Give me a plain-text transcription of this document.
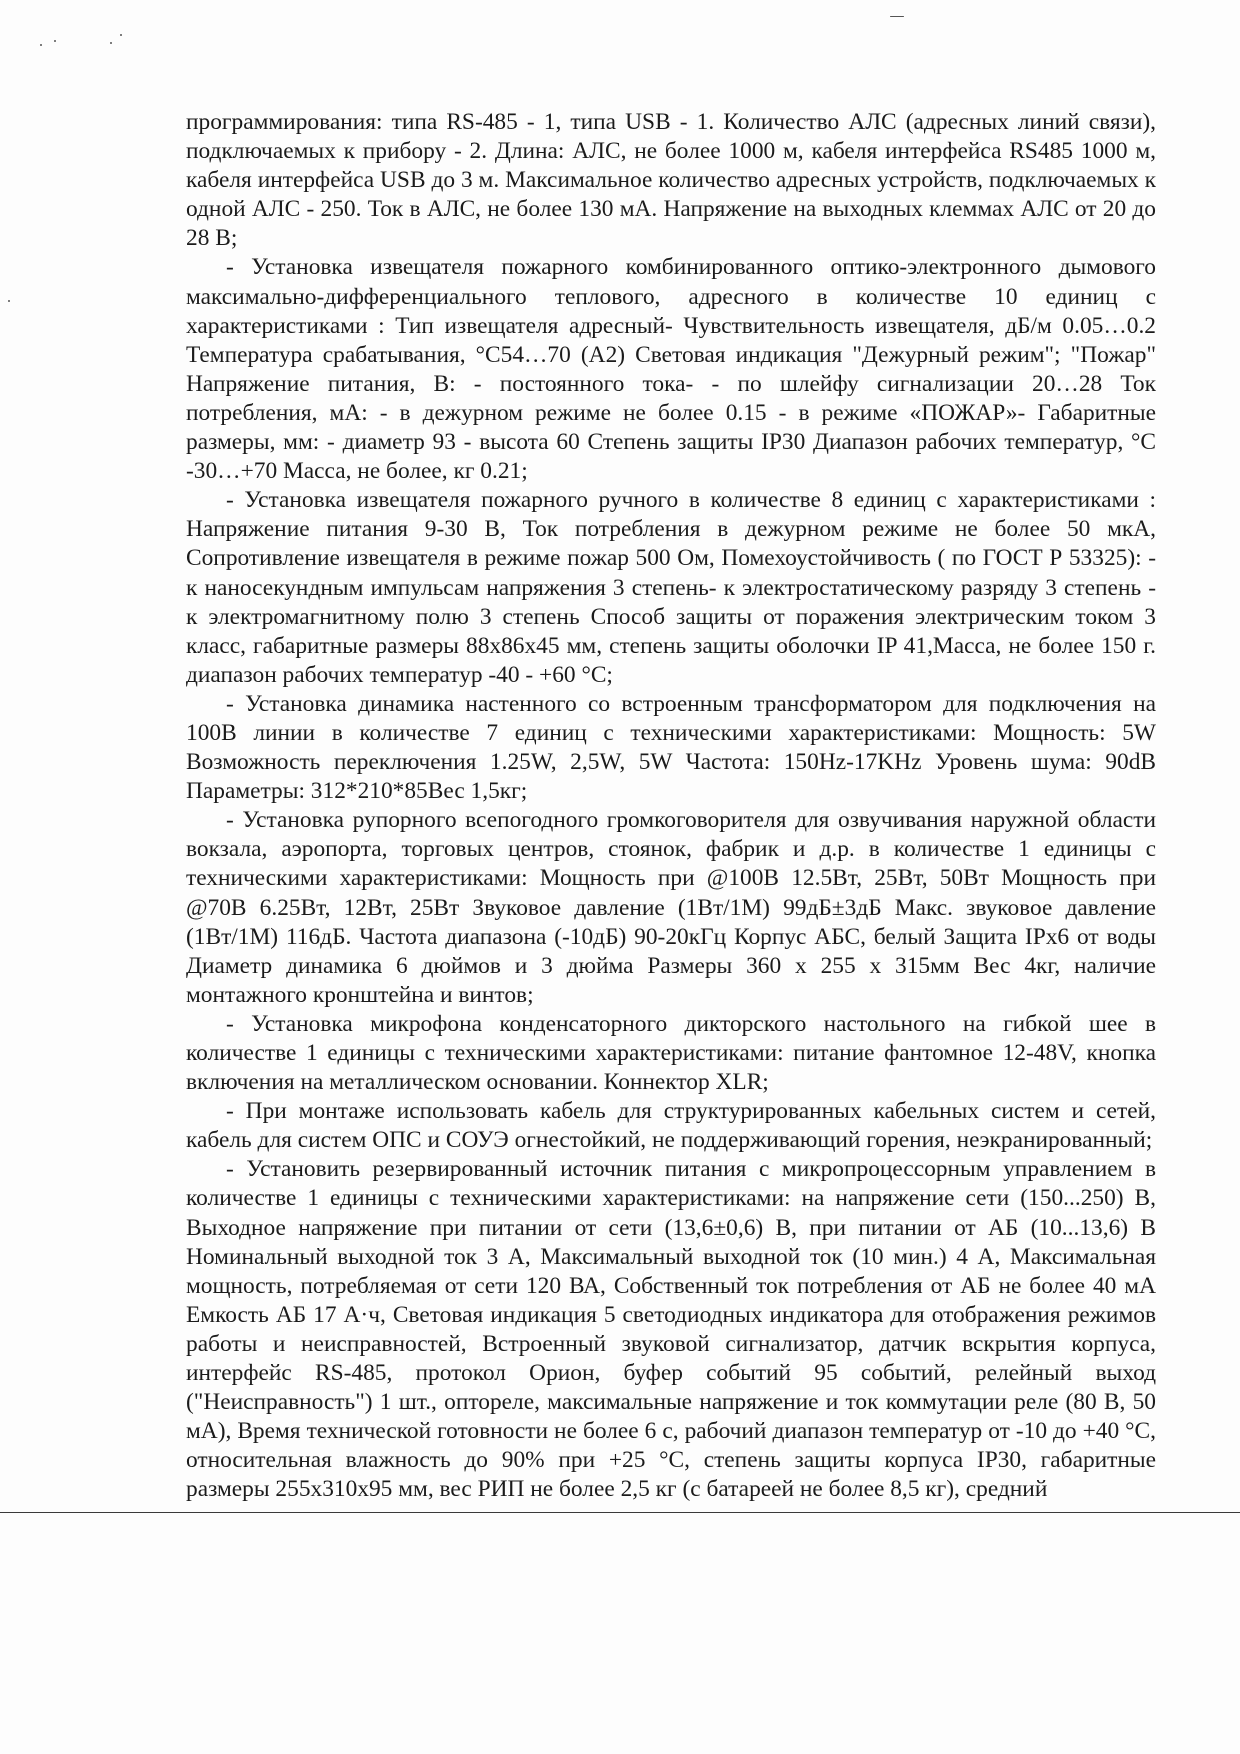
программирования: типа RS-485 - 1, типа USB - 1. Количество АЛС (адресных линий связи), подключаемых к прибору - 2. Длина: АЛС, не более 1000 м, кабеля интерфейса RS485 1000 м, кабеля интерфейса USB до 3 м. Максимальное количество адресных устройств, подключаемых к одной АЛС - 250. Ток в АЛС, не более 130 мА. Напряжение на выходных клеммах АЛС от 20 до 28 В;

- Установка извещателя пожарного комбинированного оптико-электронного дымового максимально-дифференциального теплового, адресного в количестве 10 единиц с характеристиками : Тип извещателя адресный- Чувствительность извещателя, дБ/м 0.05…0.2 Температура срабатывания, °С54…70 (А2) Световая индикация "Дежурный режим"; "Пожар" Напряжение питания, В: - постоянного тока- - по шлейфу сигнализации 20…28 Ток потребления, мА: - в дежурном режиме не более 0.15 - в режиме «ПОЖАР»- Габаритные размеры, мм: - диаметр 93 - высота 60 Степень защиты IP30 Диапазон рабочих температур, °С -30…+70 Масса, не более, кг 0.21;

- Установка извещателя пожарного ручного в количестве 8 единиц с характеристиками : Напряжение питания 9-30 В, Ток потребления в дежурном режиме не более 50 мкА, Сопротивление извещателя в режиме пожар 500 Ом, Помехоустойчивость ( по ГОСТ Р 53325): - к наносекундным импульсам напряжения 3 степень- к электростатическому разряду 3 степень - к электромагнитному полю 3 степень Способ защиты от поражения электрическим током 3 класс, габаритные размеры 88х86х45 мм, степень защиты оболочки IP 41,Масса, не более 150 г. диапазон рабочих температур -40 - +60 °С;

- Установка динамика настенного со встроенным трансформатором для подключения на 100В линии в количестве 7 единиц с техническими характеристиками: Мощность: 5W Возможность переключения 1.25W, 2,5W, 5W Частота: 150Hz-17KHz Уровень шума: 90dB Параметры: 312*210*85Вес 1,5кг;

- Установка рупорного всепогодного громкоговорителя для озвучивания наружной области вокзала, аэропорта, торговых центров, стоянок, фабрик и д.р. в количестве 1 единицы с техническими характеристиками: Мощность при @100В 12.5Вт, 25Вт, 50Вт Мощность при @70В 6.25Вт, 12Вт, 25Вт Звуковое давление (1Вт/1М) 99дБ±3дБ Макс. звуковое давление (1Вт/1М) 116дБ. Частота диапазона (-10дБ) 90-20кГц Корпус АБС, белый Защита IPх6 от воды Диаметр динамика 6 дюймов и 3 дюйма Размеры 360 х 255 х 315мм Вес 4кг, наличие монтажного кронштейна и винтов;

- Установка микрофона конденсаторного дикторского настольного на гибкой шее в количестве 1 единицы с техническими характеристиками: питание фантомное 12-48V, кнопка включения на металлическом основании. Коннектор XLR;

- При монтаже использовать кабель для структурированных кабельных систем и сетей, кабель для систем ОПС и СОУЭ огнестойкий, не поддерживающий горения, неэкранированный;

- Установить резервированный источник питания с микропроцессорным управлением в количестве 1 единицы с техническими характеристиками: на напряжение сети (150...250) В, Выходное напряжение при питании от сети (13,6±0,6) В, при питании от АБ (10...13,6) В Номинальный выходной ток 3 А, Максимальный выходной ток (10 мин.) 4 А, Максимальная мощность, потребляемая от сети 120 ВА, Собственный ток потребления от АБ не более 40 мА Емкость АБ 17 А·ч, Световая индикация 5 светодиодных индикатора для отображения режимов работы и неисправностей, Встроенный звуковой сигнализатор, датчик вскрытия корпуса, интерфейс RS-485, протокол Орион, буфер событий 95 событий, релейный выход ("Неисправность") 1 шт., оптореле, максимальные напряжение и ток коммутации реле (80 В, 50 мА), Время технической готовности не более 6 с, рабочий диапазон температур от -10 до +40 °С, относительная влажность до 90% при +25 °С, степень защиты корпуса IP30, габаритные размеры 255х310х95 мм, вес РИП не более 2,5 кг (с батареей не более 8,5 кг), средний
